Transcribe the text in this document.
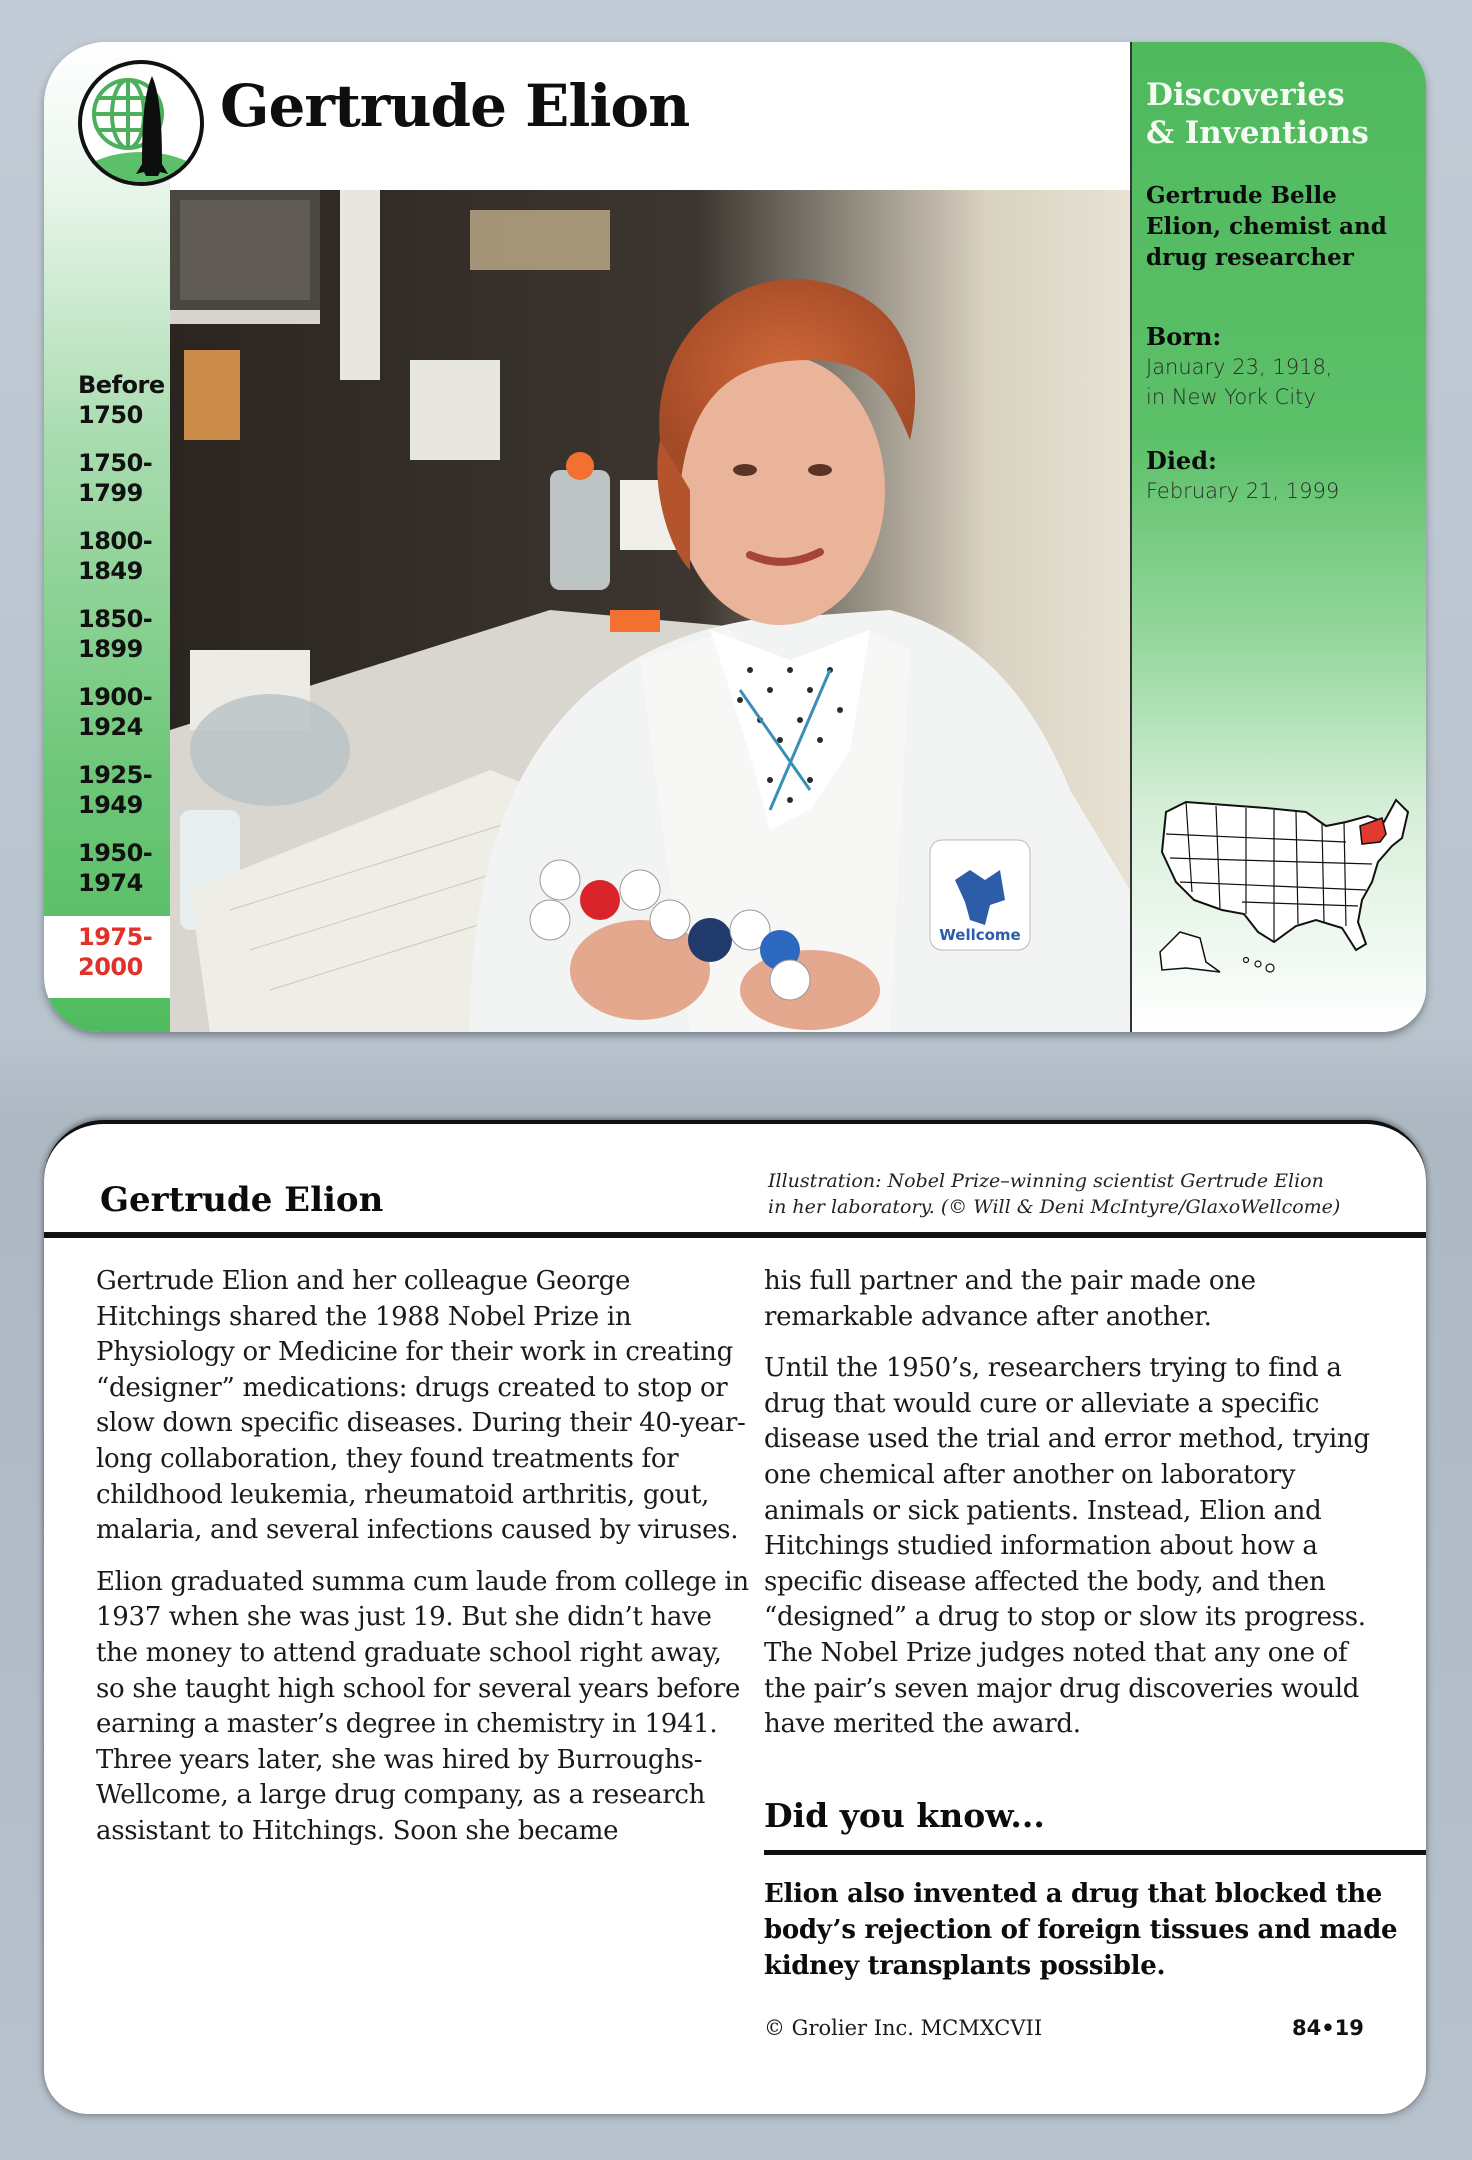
Before
1750
1750-
1799
1800-
1849
1850-
1899
1900-
1924
1925-
1949
1950-
1974
1975-
2000
Gertrude Elion
Wellcome
Discoveries
& Inventions
Gertrude Belle Elion, chemist and drug researcher
Born:
January 23, 1918,
in New York City
Died:
February 21, 1999
Gertrude Elion	Illustration: Nobel Prize–winning scientist Gertrude Elion
in her laboratory. (© Will & Deni McIntyre/GlaxoWellcome)

Gertrude Elion and her colleague George Hitchings shared the 1988 Nobel Prize in Physiology or Medicine for their work in creating “designer” medications: drugs created to stop or slow down specific diseases. During their 40-year-long collaboration, they found treatments for childhood leukemia, rheumatoid arthritis, gout, malaria, and several infections caused by viruses.

Elion graduated summa cum laude from college in 1937 when she was just 19. But she didn’t have the money to attend graduate school right away, so she taught high school for several years before earning a master’s degree in chemistry in 1941. Three years later, she was hired by Burroughs-Wellcome, a large drug company, as a research assistant to Hitchings. Soon she became

his full partner and the pair made one remarkable advance after another.

Until the 1950’s, researchers trying to find a drug that would cure or alleviate a specific disease used the trial and error method, trying one chemical after another on laboratory animals or sick patients. Instead, Elion and Hitchings studied information about how a specific disease affected the body, and then “designed” a drug to stop or slow its progress. The Nobel Prize judges noted that any one of the pair’s seven major drug discoveries would have merited the award.

Did you know...
Elion also invented a drug that blocked the body’s rejection of foreign tissues and made kidney transplants possible.
© Grolier Inc. MCMXCVII	84•19
